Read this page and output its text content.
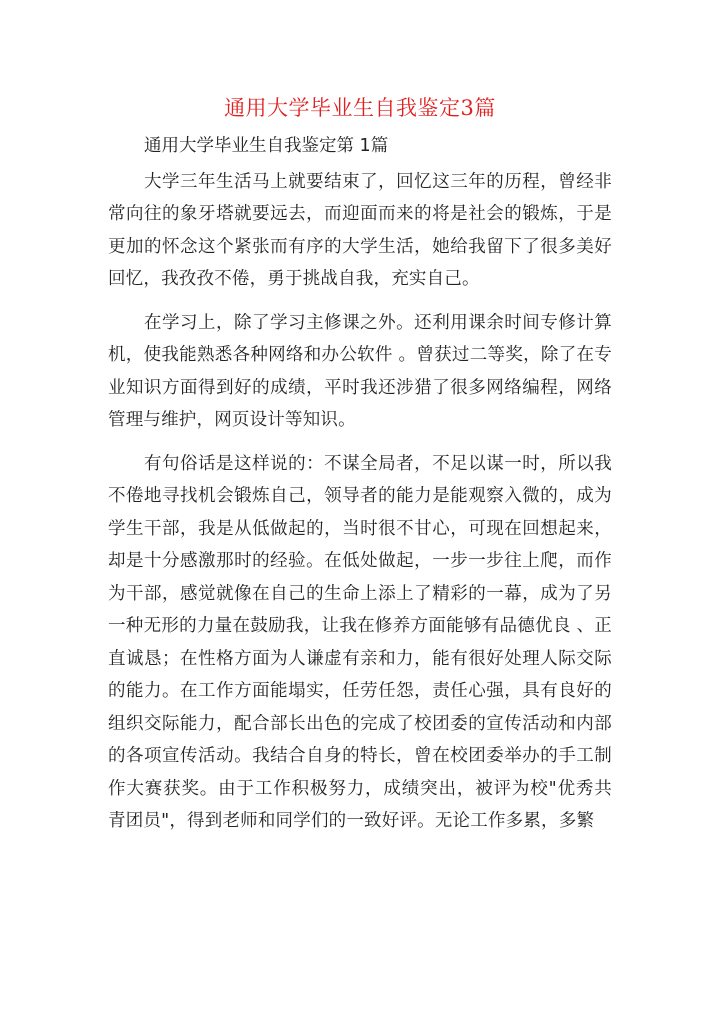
通用大学毕业生自我鉴定3篇
通用大学毕业生自我鉴定第 1篇
大学三年生活马上就要结束了，回忆这三年的历程，曾经非
常向往的象牙塔就要远去，而迎面而来的将是社会的锻炼，于是
更加的怀念这个紧张而有序的大学生活，她给我留下了很多美好
回忆，我孜孜不倦，勇于挑战自我，充实自己。
在学习上，除了学习主修课之外。还利用课余时间专修计算
机，使我能熟悉各种网络和办公软件 。曾获过二等奖，除了在专
业知识方面得到好的成绩，平时我还涉猎了很多网络编程，网络
管理与维护，网页设计等知识。
有句俗话是这样说的：不谋全局者，不足以谋一时，所以我
不倦地寻找机会锻炼自己，领导者的能力是能观察入微的，成为
学生干部，我是从低做起的，当时很不甘心，可现在回想起来，
却是十分感激那时的经验。在低处做起，一步一步往上爬，而作
为干部，感觉就像在自己的生命上添上了精彩的一幕，成为了另
一种无形的力量在鼓励我，让我在修养方面能够有品德优良 、正
直诚恳；在性格方面为人谦虚有亲和力，能有很好处理人际交际
的能力。在工作方面能塌实，任劳任怨，责任心强，具有良好的
组织交际能力，配合部长出色的完成了校团委的宣传活动和内部
的各项宣传活动。我结合自身的特长，曾在校团委举办的手工制
作大赛获奖。由于工作积极努力，成绩突出，被评为校"优秀共
青团员"，得到老师和同学们的一致好评。无论工作多累，多繁
